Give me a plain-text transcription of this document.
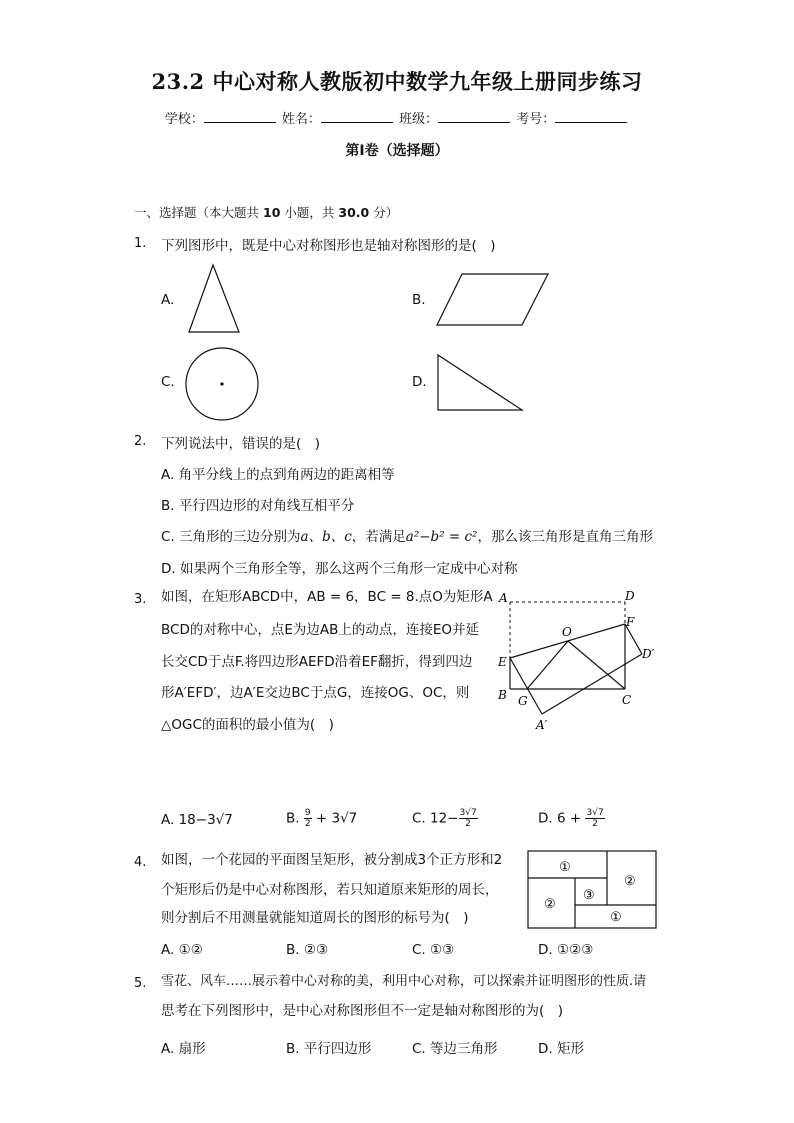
23.2 中心对称人教版初中数学九年级上册同步练习
学校：	姓名：	班级：	考号：
第Ⅰ卷（选择题）
一、选择题（本大题共 10 小题，共 30.0 分）
1. 下列图形中，既是中心对称图形也是轴对称图形的是(　)
A.	B.
C.	D.
2. 下列说法中，错误的是(　)
A. 角平分线上的点到角两边的距离相等
B. 平行四边形的对角线互相平分
C. 三角形的三边分别为a、b、c，若满足a²−b² = c²，那么该三角形是直角三角形
D. 如果两个三角形全等，那么这两个三角形一定成中心对称
3. 如图，在矩形ABCD中，AB = 6，BC = 8.点O为矩形A
BCD的对称中心，点E为边AB上的动点，连接EO并延
长交CD于点F.将四边形AEFD沿着EF翻折，得到四边
形A′EFD′，边A′E交边BC于点G，连接OG、OC，则
△OGC的面积的最小值为(　)
A	D
O
F
D′
E
B G	C
A′
A. 18−3√7	B. $\frac{9}{2} + 3√7$	C. $12- \frac{3√7}{2}$	D. $6 + \frac{3√7}{2}$
4. 如图，一个花园的平面图呈矩形，被分割成3个正方形和2
个矩形后仍是中心对称图形，若只知道原来矩形的周长，
则分割后不用测量就能知道周长的图形的标号为(　)
①
②
③
②
①
A. ①②	B. ②③	C. ①③	D. ①②③
5. 雪花、风车……展示着中心对称的美，利用中心对称，可以探索并证明图形的性质.请
思考在下列图形中，是中心对称图形但不一定是轴对称图形的为(　)
A. 扇形	B. 平行四边形	C. 等边三角形	D. 矩形
